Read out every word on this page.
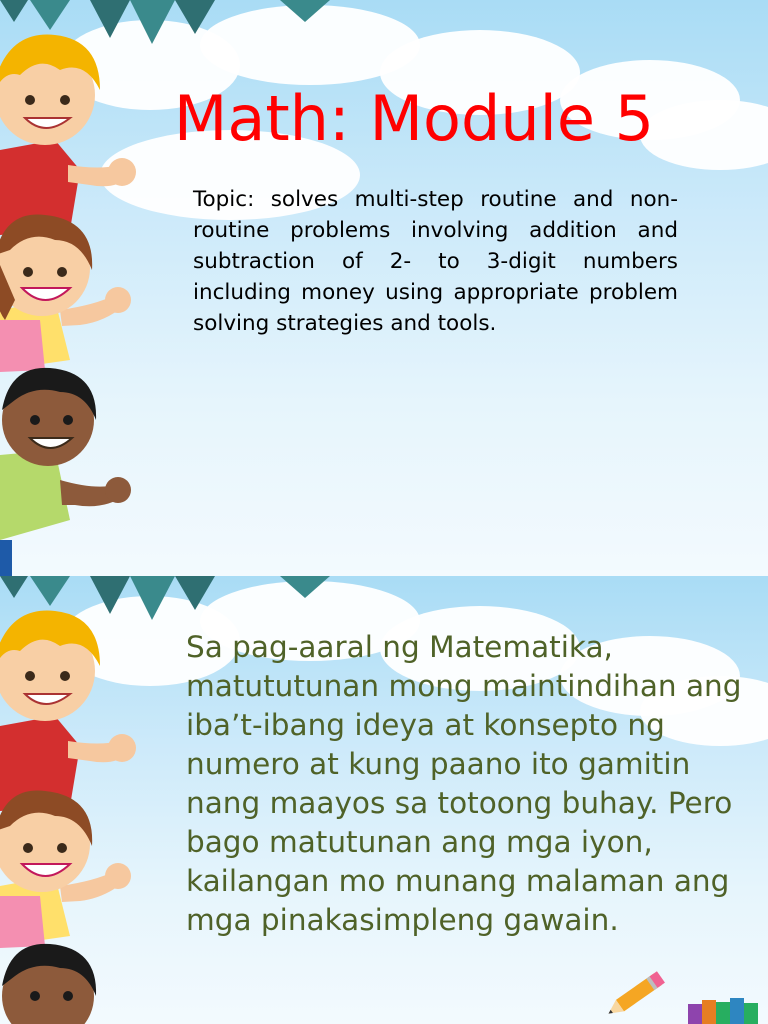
Math: Module 5
Topic: solves multi-step routine and non-routine problems involving addition and subtraction of 2- to 3-digit numbers including money using appropriate problem solving strategies and tools.
Sa pag-aaral ng Matematika, matututunan mong maintindihan ang iba’t-ibang ideya at konsepto ng numero at kung paano ito gamitin nang maayos sa totoong buhay. Pero bago matutunan ang mga iyon, kailangan mo munang malaman ang mga pinakasimpleng gawain.
